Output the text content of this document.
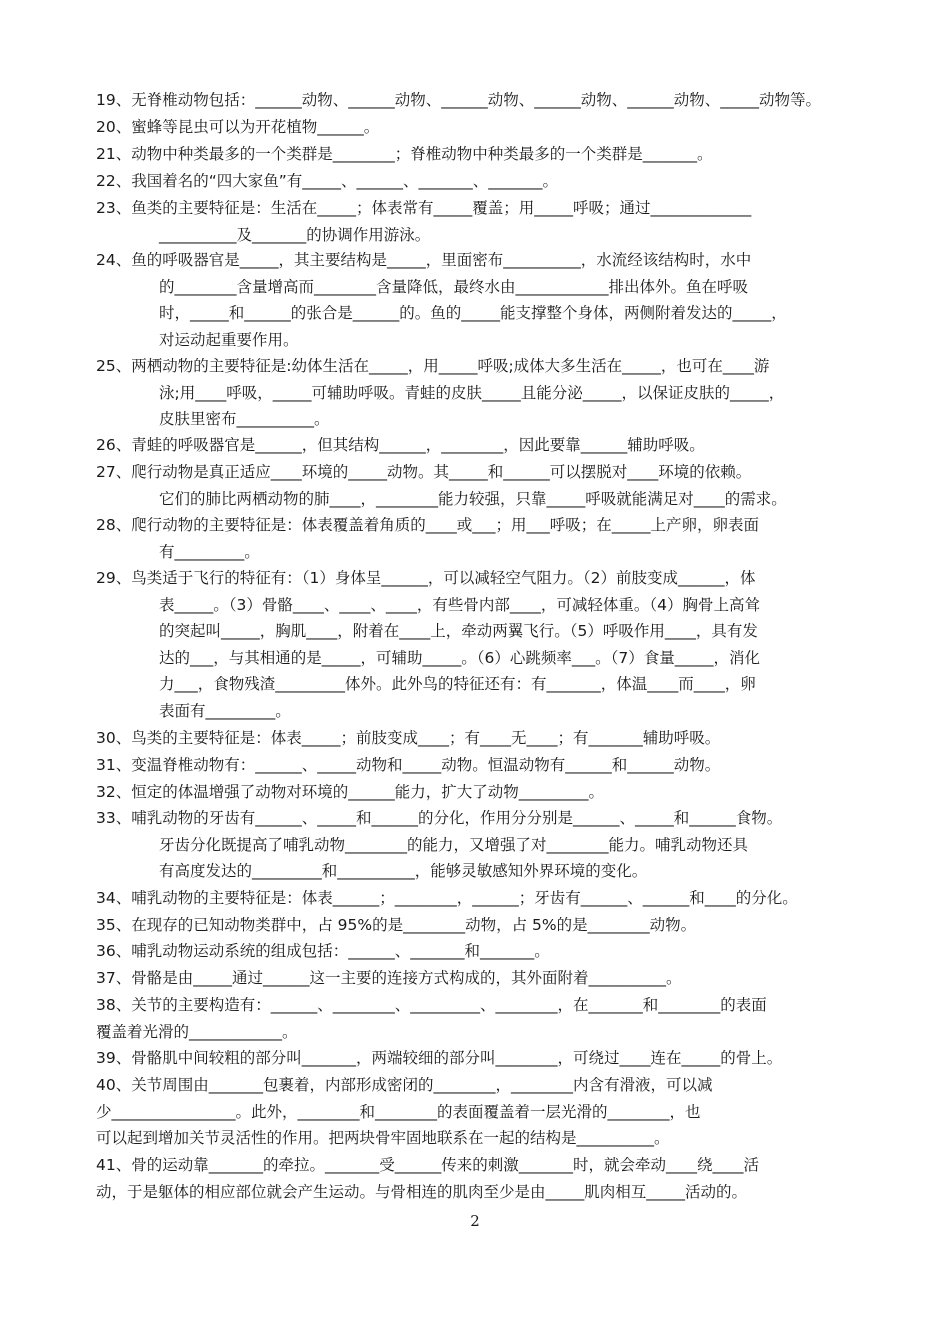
19、无脊椎动物包括：______动物、______动物、______动物、______动物、______动物、_____动物等。
20、蜜蜂等昆虫可以为开花植物______。
21、动物中种类最多的一个类群是________；脊椎动物中种类最多的一个类群是_______。
22、我国着名的“四大家鱼”有_____、______、_______、_______。
23、鱼类的主要特征是：生活在_____；体表常有_____覆盖；用_____呼吸；通过_____________
__________及_______的协调作用游泳。
24、鱼的呼吸器官是_____，其主要结构是_____，里面密布__________，水流经该结构时，水中
的________含量增高而________含量降低，最终水由____________排出体外。鱼在呼吸
时，_____和______的张合是______的。鱼的_____能支撑整个身体，两侧附着发达的_____，
对运动起重要作用。
25、两栖动物的主要特征是:幼体生活在_____，用_____呼吸;成体大多生活在_____，也可在____游
泳;用____呼吸，_____可辅助呼吸。青蛙的皮肤_____且能分泌_____，以保证皮肤的_____，
皮肤里密布__________。
26、青蛙的呼吸器官是______，但其结构______，________，因此要靠______辅助呼吸。
27、爬行动物是真正适应____环境的_____动物。其_____和______可以摆脱对____环境的依赖。
它们的肺比两栖动物的肺____，________能力较强，只靠_____呼吸就能满足对____的需求。
28、爬行动物的主要特征是：体表覆盖着角质的____或___；用___呼吸；在_____上产卵，卵表面
有_________。
29、鸟类适于飞行的特征有：（1）身体呈______，可以减轻空气阻力。（2）前肢变成______，体
表_____。（3）骨骼____、____、____，有些骨内部____，可减轻体重。（4）胸骨上高耸
的突起叫_____，胸肌____，附着在____上，牵动两翼飞行。（5）呼吸作用____，具有发
达的___，与其相通的是_____，可辅助_____。（6）心跳频率___。（7）食量_____，消化
力___，食物残渣_________体外。此外鸟的特征还有：有_______，体温____而____，卵
表面有_________。
30、鸟类的主要特征是：体表_____；前肢变成____；有____无____；有_______辅助呼吸。
31、变温脊椎动物有：______、_____动物和_____动物。恒温动物有______和______动物。
32、恒定的体温增强了动物对环境的______能力，扩大了动物_________。
33、哺乳动物的牙齿有______、_____和______的分化，作用分分别是______、_____和______食物。
牙齿分化既提高了哺乳动物________的能力，又增强了对________能力。哺乳动物还具
有高度发达的_________和__________，能够灵敏感知外界环境的变化。
34、哺乳动物的主要特征是：体表______；________，______；牙齿有______、______和____的分化。
35、在现存的已知动物类群中，占 95%的是________动物，占 5%的是________动物。
36、哺乳动物运动系统的组成包括：______、_______和_______。
37、骨骼是由_____通过______这一主要的连接方式构成的，其外面附着__________。
38、关节的主要构造有：______、________、_________、________，在_______和________的表面
覆盖着光滑的____________。
39、骨骼肌中间较粗的部分叫_______，两端较细的部分叫________，可绕过____连在_____的骨上。
40、关节周围由_______包裹着，内部形成密闭的________，________内含有滑液，可以减
少________________。此外，________和________的表面覆盖着一层光滑的________，也
可以起到增加关节灵活性的作用。把两块骨牢固地联系在一起的结构是__________。
41、骨的运动靠_______的牵拉。_______受______传来的刺激_______时，就会牵动____绕____活
动，于是躯体的相应部位就会产生运动。与骨相连的肌肉至少是由_____肌肉相互_____活动的。
2
